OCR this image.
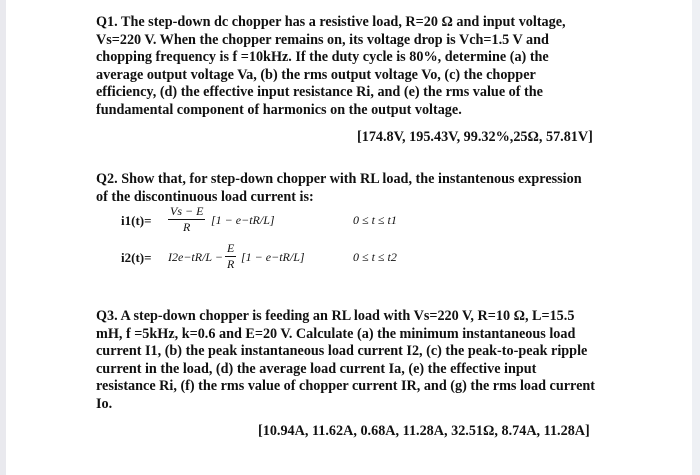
Q1. The step-down dc chopper has a resistive load, R=20 Ω and input voltage, Vs=220 V. When the chopper remains on, its voltage drop is Vch=1.5 V and chopping frequency is f =10kHz. If the duty cycle is 80%, determine (a) the average output voltage Va, (b) the rms output voltage Vo, (c) the chopper efficiency, (d) the effective input resistance Ri, and (e) the rms value of the fundamental component of harmonics on the output voltage.

[174.8V, 195.43V, 99.32%,25Ω, 57.81V]

Q2. Show that, for step-down chopper with RL load, the instantenous expression of the discontinuous load current is:

$i1(t)= \frac{Vs - E}{R} [1 - e-tR/L]$	0 ≤ t ≤ t1
$i2(t)= I2e-tR/L - \frac{E}{R} [1 - e-tR/L]$	0 ≤ t ≤ t2

Q3. A step-down chopper is feeding an RL load with Vs=220 V, R=10 Ω, L=15.5 mH, f =5kHz, k=0.6 and E=20 V. Calculate (a) the minimum instantaneous load current I1, (b) the peak instantaneous load current I2, (c) the peak-to-peak ripple current in the load, (d) the average load current Ia, (e) the effective input resistance Ri, (f) the rms value of chopper current IR, and (g) the rms load current Io.

[10.94A, 11.62A, 0.68A, 11.28A, 32.51Ω, 8.74A, 11.28A]
